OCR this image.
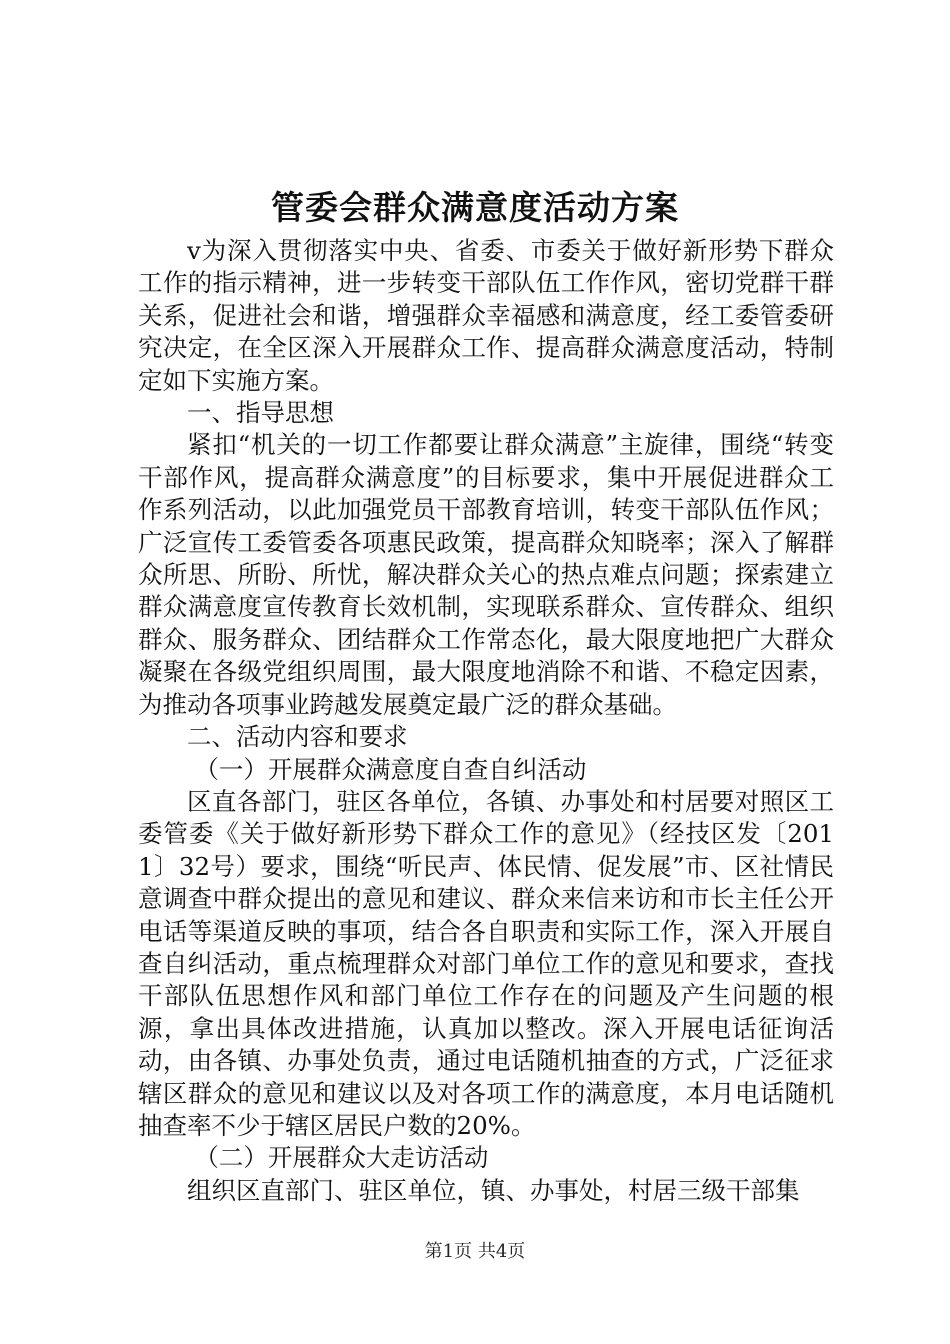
管委会群众满意度活动方案

v为深入贯彻落实中央、省委、市委关于做好新形势下群众工作的指示精神，进一步转变干部队伍工作作风，密切党群干群关系，促进社会和谐，增强群众幸福感和满意度，经工委管委研究决定，在全区深入开展群众工作、提高群众满意度活动，特制定如下实施方案。

一、指导思想

紧扣“机关的一切工作都要让群众满意”主旋律，围绕“转变干部作风，提高群众满意度”的目标要求，集中开展促进群众工作系列活动，以此加强党员干部教育培训，转变干部队伍作风；广泛宣传工委管委各项惠民政策，提高群众知晓率；深入了解群众所思、所盼、所忧，解决群众关心的热点难点问题；探索建立群众满意度宣传教育长效机制，实现联系群众、宣传群众、组织群众、服务群众、团结群众工作常态化，最大限度地把广大群众凝聚在各级党组织周围，最大限度地消除不和谐、不稳定因素，为推动各项事业跨越发展奠定最广泛的群众基础。

二、活动内容和要求

（一）开展群众满意度自查自纠活动

区直各部门，驻区各单位，各镇、办事处和村居要对照区工委管委《关于做好新形势下群众工作的意见》（经技区发〔2011〕32号）要求，围绕“听民声、体民情、促发展”市、区社情民意调查中群众提出的意见和建议、群众来信来访和市长主任公开电话等渠道反映的事项，结合各自职责和实际工作，深入开展自查自纠活动，重点梳理群众对部门单位工作的意见和要求，查找干部队伍思想作风和部门单位工作存在的问题及产生问题的根源，拿出具体改进措施，认真加以整改。深入开展电话征询活动，由各镇、办事处负责，通过电话随机抽查的方式，广泛征求辖区群众的意见和建议以及对各项工作的满意度，本月电话随机抽查率不少于辖区居民户数的20%。

（二）开展群众大走访活动

组织区直部门、驻区单位，镇、办事处，村居三级干部集

第1页 共4页
